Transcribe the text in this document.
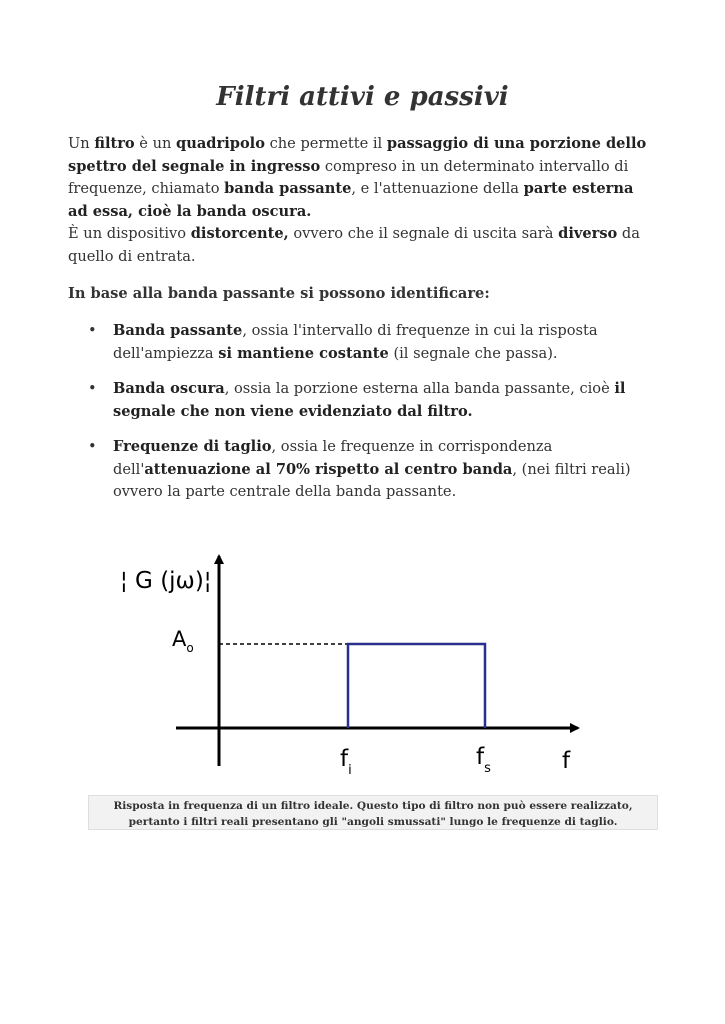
Filtri attivi e passivi

Un filtro è un quadripolo che permette il passaggio di una porzione dello spettro del segnale in ingresso compreso in un determinato intervallo di frequenze, chiamato banda passante, e l'attenuazione della parte esterna ad essa, cioè la banda oscura.
È un dispositivo distorcente, ovvero che il segnale di uscita sarà diverso da quello di entrata.

In base alla banda passante si possono identificare:

• Banda passante, ossia l'intervallo di frequenze in cui la risposta dell'ampiezza si mantiene costante (il segnale che passa).
• Banda oscura, ossia la porzione esterna alla banda passante, cioè il segnale che non viene evidenziato dal filtro.
• Frequenze di taglio, ossia le frequenze in corrispondenza dell'attenuazione al 70% rispetto al centro banda, (nei filtri reali) ovvero la parte centrale della banda passante.
¦ G (jω)¦
$A_o$
$f_i$
$f_s$	f
Risposta in frequenza di un filtro ideale. Questo tipo di filtro non può essere realizzato, pertanto i filtri reali presentano gli "angoli smussati" lungo le frequenze di taglio.
